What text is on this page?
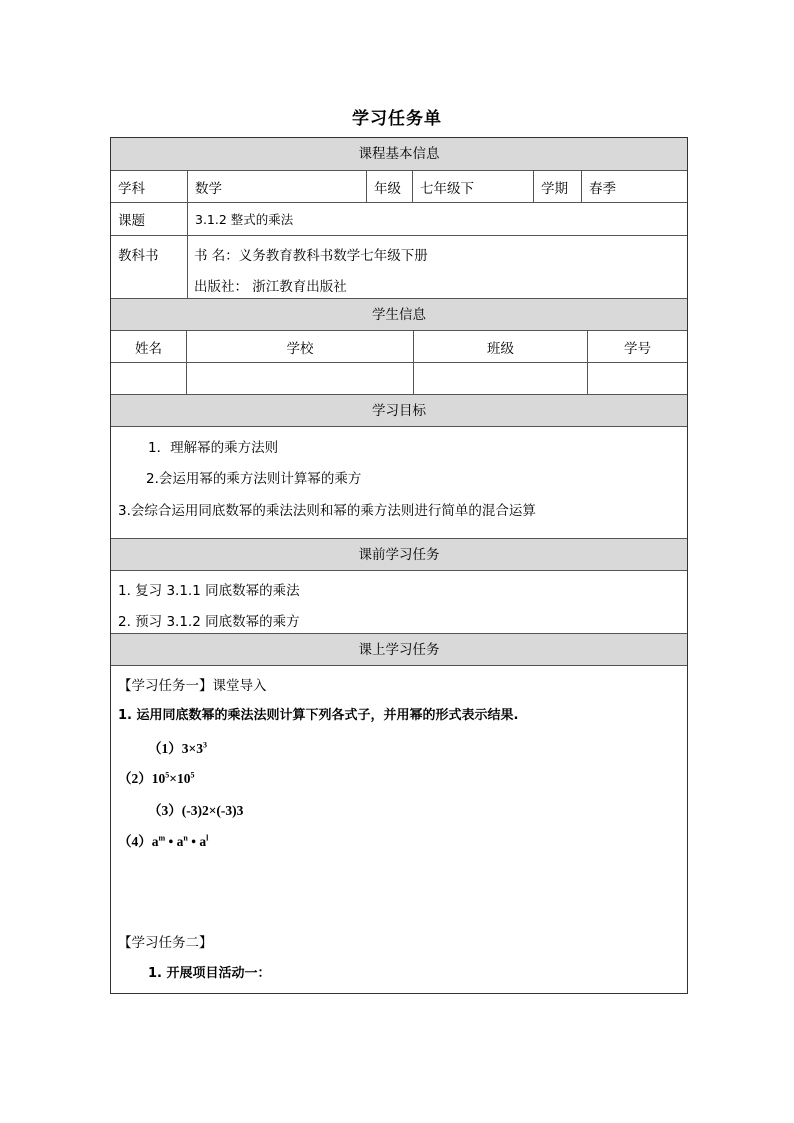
学习任务单
课程基本信息
学科	数学	年级	七年级下	学期	春季
课题	3.1.2 整式的乘法
教科书	书 名：义务教育教科书数学七年级下册
出版社： 浙江教育出版社
学生信息
姓名	学校	班级	学号
学习目标
1．理解幂的乘方法则
2.会运用幂的乘方法则计算幂的乘方
3.会综合运用同底数幂的乘法法则和幂的乘方法则进行简单的混合运算
课前学习任务
1. 复习 3.1.1 同底数幂的乘法
2. 预习 3.1.2 同底数幂的乘方
课上学习任务
【学习任务一】课堂导入
1. 运用同底数幂的乘法法则计算下列各式子，并用幂的形式表示结果.
$(1)3\times 3^3$
$(2)10^5\times 10^5$
（3）(-3)2×(-3)3
$(4)a^m$ • $a^n$ • $a^l$
【学习任务二】
1. 开展项目活动一：
